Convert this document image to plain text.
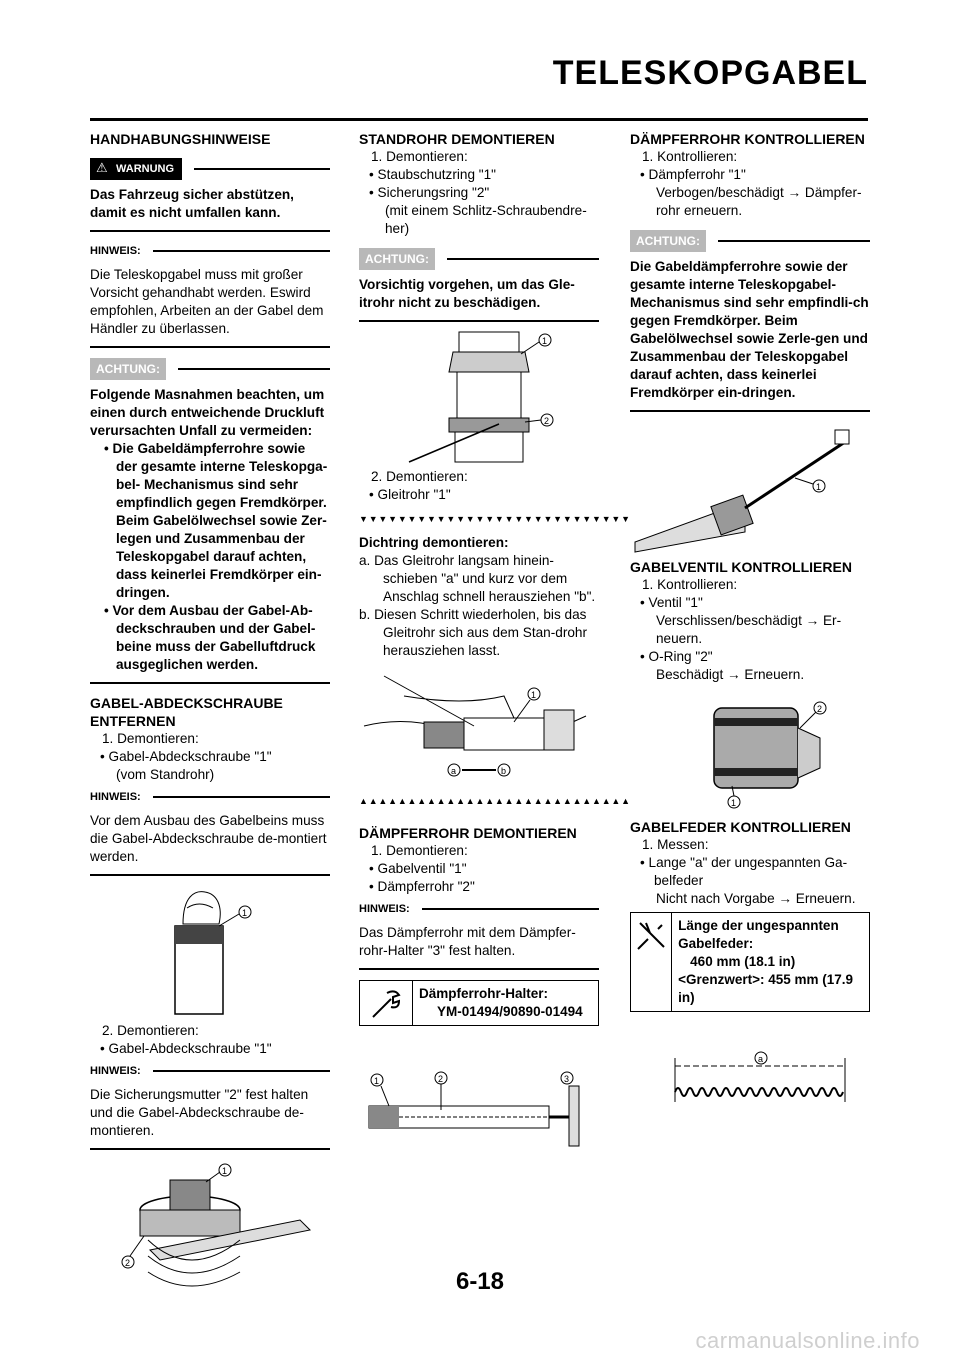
TELESKOPGABEL

HANDHABUNGSHINWEISE

⚠ WARNUNG

Das Fahrzeug sicher abstützen, damit es nicht umfallen kann.

HINWEIS:

Die Teleskopgabel muss mit großer Vorsicht gehandhabt werden. Eswird empfohlen, Arbeiten an der Gabel dem Händler zu überlassen.

ACHTUNG:

Folgende Masnahmen beachten, um einen durch entweichende Druckluft verursachten Unfall zu vermeiden:

• Die Gabeldämpferrohre sowie der gesamte interne Teleskopga-bel- Mechanismus sind sehr empfindlich gegen Fremdkörper. Beim Gabelölwechsel sowie Zer-legen und Zusammenbau der Teleskopgabel darauf achten, dass keinerlei Fremdkörper ein-dringen.

• Vor dem Ausbau der Gabel-Ab-deckschrauben und der Gabel-beine muss der Gabelluftdruck ausgeglichen werden.

GABEL-ABDECKSCHRAUBE ENTFERNEN

1. Demontieren:

• Gabel-Abdeckschraube "1"

(vom Standrohr)

HINWEIS:

Vor dem Ausbau des Gabelbeins muss die Gabel-Abdeckschraube de-montiert werden.

1

2. Demontieren:

• Gabel-Abdeckschraube "1"

HINWEIS:

Die Sicherungsmutter "2" fest halten und die Gabel-Abdeckschraube de-montieren.

1
2

STANDROHR DEMONTIEREN

1. Demontieren:

• Staubschutzring "1"

• Sicherungsring "2"

(mit einem Schlitz-Schraubendre-her)

ACHTUNG:

Vorsichtig vorgehen, um das Gle-itrohr nicht zu beschädigen.

1
2

2. Demontieren:

• Gleitrohr "1"

▼▼▼▼▼▼▼▼▼▼▼▼▼▼▼▼▼▼▼▼▼▼▼▼▼▼▼▼

Dichtring demontieren:

a. Das Gleitrohr langsam hinein-schieben "a" und kurz vor dem Anschlag schnell herausziehen "b".

b. Diesen Schritt wiederholen, bis das Gleitrohr sich aus dem Stan-drohr herausziehen lasst.

1
a	b
▲▲▲▲▲▲▲▲▲▲▲▲▲▲▲▲▲▲▲▲▲▲▲▲▲▲▲▲

DÄMPFERROHR DEMONTIEREN

1. Demontieren:

• Gabelventil "1"

• Dämpferrohr "2"

HINWEIS:

Das Dämpferrohr mit dem Dämpfer-rohr-Halter "3" fest halten.

Dämpferrohr-Halter:
YM-01494/90890-01494
1	2	3

DÄMPFERROHR KONTROLLIEREN

1. Kontrollieren:

• Dämpferrohr "1"

Verbogen/beschädigt → Dämpfer-rohr erneuern.

ACHTUNG:

Die Gabeldämpferrohre sowie der gesamte interne Teleskopgabel-Mechanismus sind sehr empfindli-ch gegen Fremdkörper. Beim Gabelölwechsel sowie Zerle-gen und Zusammenbau der Teleskopgabel darauf achten, dass keinerlei Fremdkörper ein-dringen.

1

GABELVENTIL KONTROLLIEREN

1. Kontrollieren:

• Ventil "1"

Verschlissen/beschädigt → Er-neuern.

• O-Ring "2"

Beschädigt → Erneuern.

2
1

GABELFEDER KONTROLLIEREN

1. Messen:

• Lange "a" der ungespannten Ga-belfeder

Nicht nach Vorgabe → Erneuern.

Länge der ungespannten Gabelfeder:
460 mm (18.1 in)
<Grenzwert>: 455 mm (17.9 in)
a
6-18
carmanualsonline.info
